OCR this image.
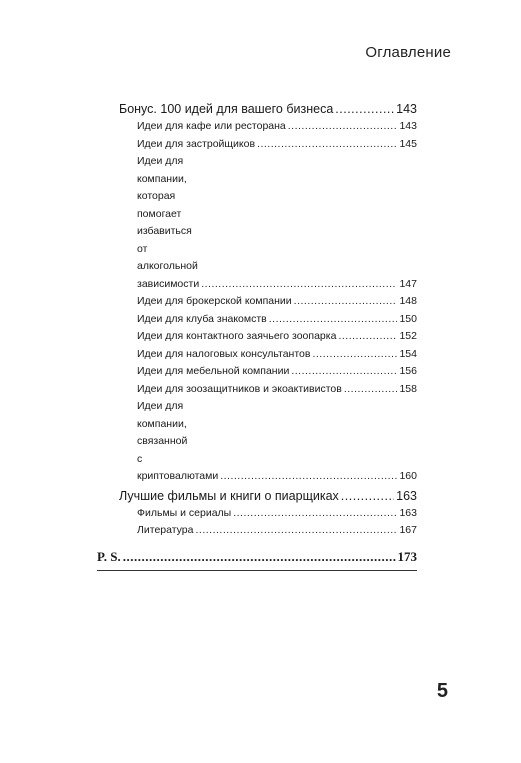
Оглавление
Бонус. 100 идей для вашего бизнеса .....	143
Идеи для кафе или ресторана .....	143
Идеи для застройщиков .....	145
Идеи для компании, которая помогает
избавиться от алкогольной зависимости .....	147
Идеи для брокерской компании .....	148
Идеи для клуба знакомств .....	150
Идеи для контактного заячьего зоопарка .....	152
Идеи для налоговых консультантов .....	154
Идеи для мебельной компании .....	156
Идеи для зоозащитников и экоактивистов .....	158
Идеи для компании, связанной
с криптовалютами .....	160
Лучшие фильмы и книги о пиарщиках .....	163
Фильмы и сериалы .....	163
Литература .....	167
P. S. .....	173
5
